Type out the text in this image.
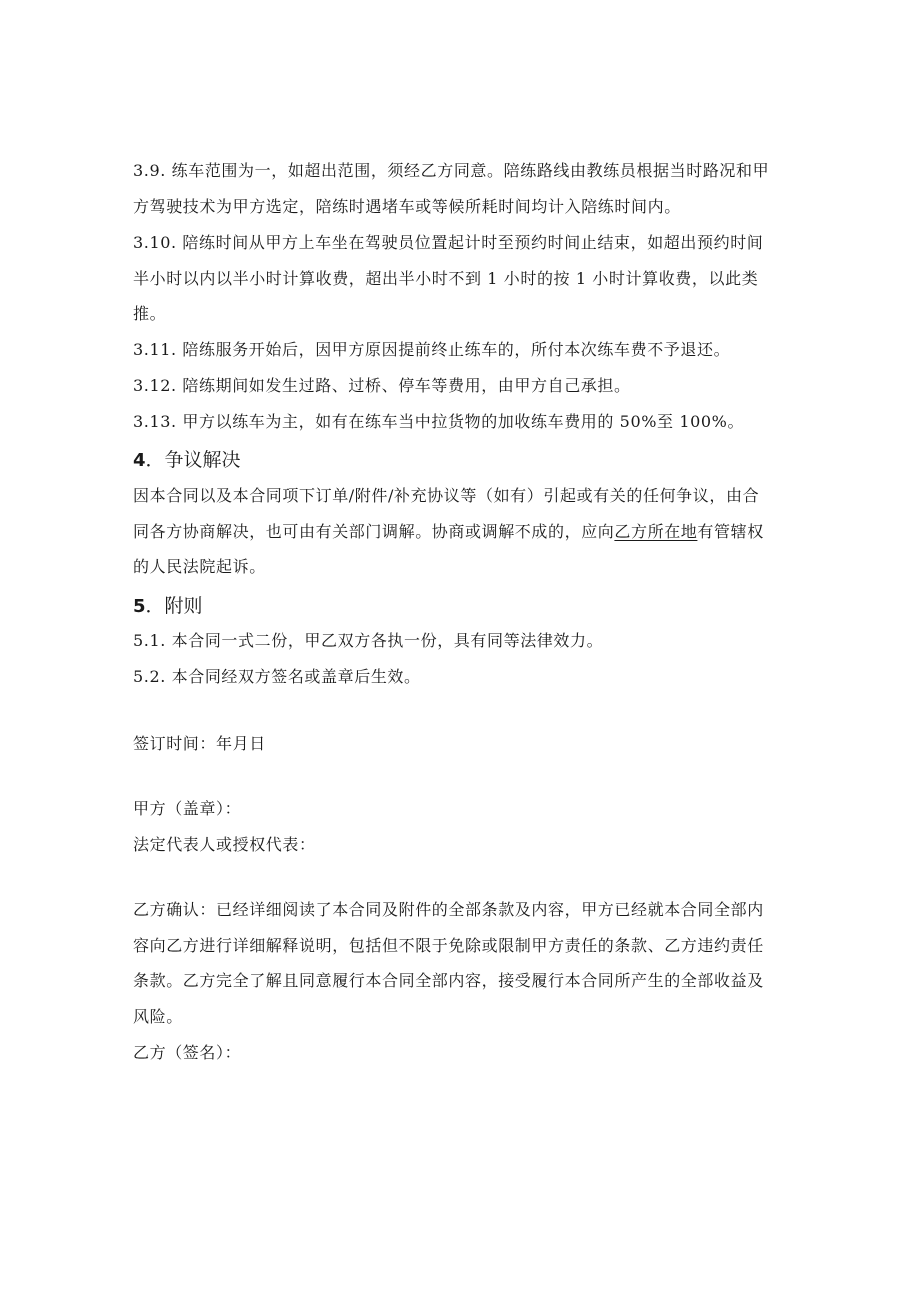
3.9. 练车范围为一，如超出范围，须经乙方同意。陪练路线由教练员根据当时路况和甲
方驾驶技术为甲方选定，陪练时遇堵车或等候所耗时间均计入陪练时间内。
3.10. 陪练时间从甲方上车坐在驾驶员位置起计时至预约时间止结束，如超出预约时间
半小时以内以半小时计算收费，超出半小时不到 1 小时的按 1 小时计算收费，以此类
推。
3.11. 陪练服务开始后，因甲方原因提前终止练车的，所付本次练车费不予退还。
3.12. 陪练期间如发生过路、过桥、停车等费用，由甲方自己承担。
3.13. 甲方以练车为主，如有在练车当中拉货物的加收练车费用的 50%至 100%。
4．争议解决
因本合同以及本合同项下订单/附件/补充协议等（如有）引起或有关的任何争议，由合
同各方协商解决，也可由有关部门调解。协商或调解不成的，应向乙方所在地有管辖权
的人民法院起诉。
5．附则
5.1. 本合同一式二份，甲乙双方各执一份，具有同等法律效力。
5.2. 本合同经双方签名或盖章后生效。
签订时间：年月日
甲方（盖章）：
法定代表人或授权代表：
乙方确认：已经详细阅读了本合同及附件的全部条款及内容，甲方已经就本合同全部内
容向乙方进行详细解释说明，包括但不限于免除或限制甲方责任的条款、乙方违约责任
条款。乙方完全了解且同意履行本合同全部内容，接受履行本合同所产生的全部收益及
风险。
乙方（签名）：
